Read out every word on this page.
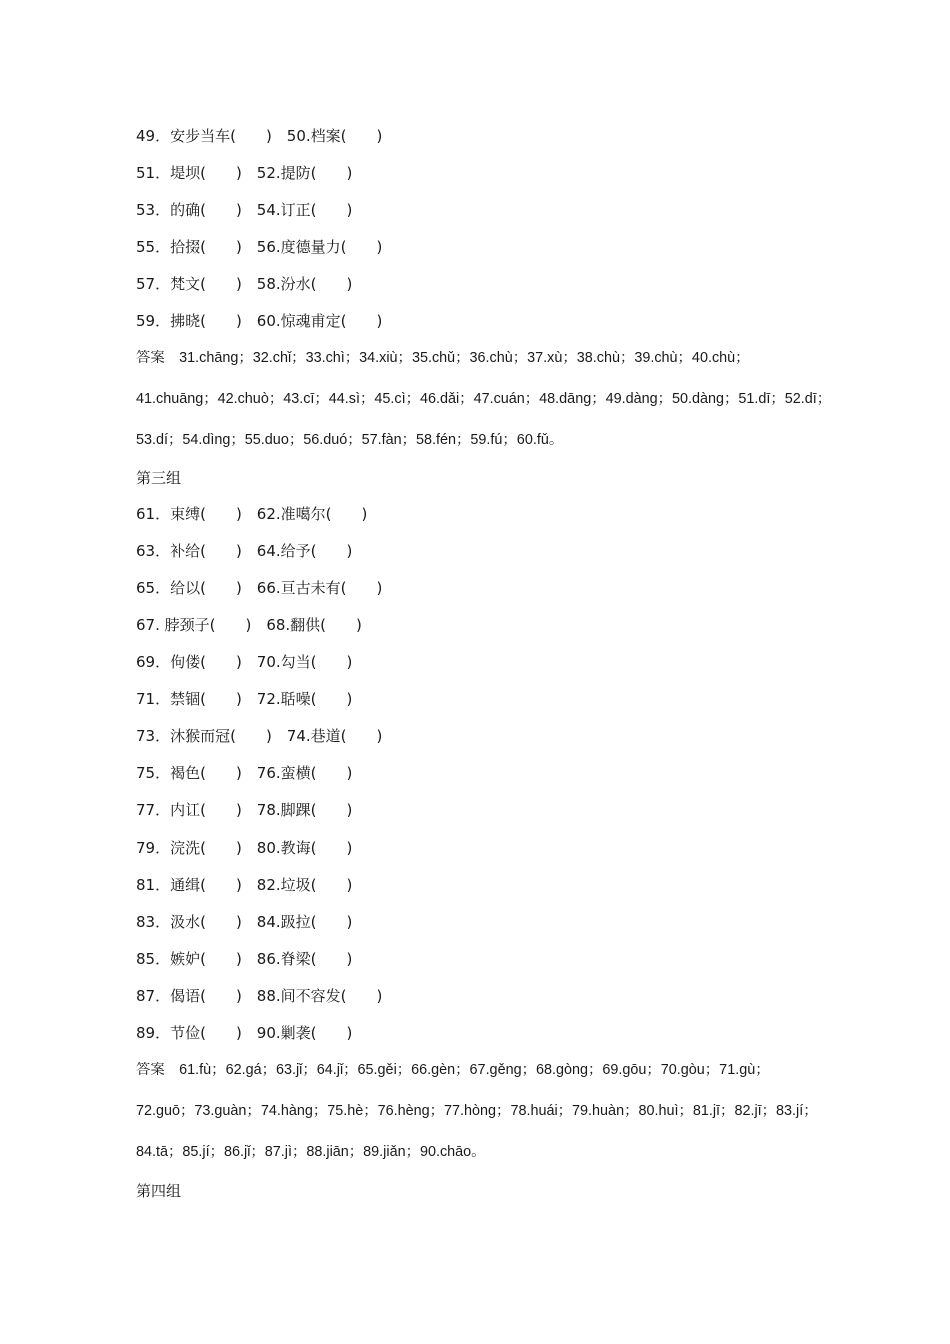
49．安步当车(　　)　50.档案(　　)
51．堤坝(　　)　52.提防(　　)
53．的确(　　)　54.订正(　　)
55．拾掇(　　)　56.度德量力(　　)
57．梵文(　　)　58.汾水(　　)
59．拂晓(　　)　60.惊魂甫定(　　)
答案　31.chāng；32.chǐ；33.chì；34.xiù；35.chǔ；36.chù；37.xù；38.chù；39.chù；40.chù；
41.chuāng；42.chuò；43.cī；44.sì；45.cì；46.dǎi；47.cuán；48.dāng；49.dàng；50.dàng；51.dī；52.dī；
53.dí；54.dìng；55.duo；56.duó；57.fàn；58.fén；59.fú；60.fǔ。
第三组
61．束缚(　　)　62.准噶尔(　　)
63．补给(　　)　64.给予(　　)
65．给以(　　)　66.亘古未有(　　)
67. 脖颈子(　　)　68.翻供(　　)
69．佝偻(　　)　70.勾当(　　)
71．禁锢(　　)　72.聒噪(　　)
73．沐猴而冠(　　)　74.巷道(　　)
75．褐色(　　)　76.蛮横(　　)
77．内讧(　　)　78.脚踝(　　)
79．浣洗(　　)　80.教诲(　　)
81．通缉(　　)　82.垃圾(　　)
83．汲水(　　)　84.趿拉(　　)
85．嫉妒(　　)　86.脊梁(　　)
87．偈语(　　)　88.间不容发(　　)
89．节俭(　　)　90.剿袭(　　)
答案　61.fù；62.gá；63.jǐ；64.jǐ；65.gěi；66.gèn；67.gěng；68.gòng；69.gōu；70.gòu；71.gù；
72.guō；73.guàn；74.hàng；75.hè；76.hèng；77.hòng；78.huái；79.huàn；80.huì；81.jī；82.jī；83.jí；
84.tā；85.jí；86.jǐ；87.jì；88.jiān；89.jiǎn；90.chāo。
第四组
